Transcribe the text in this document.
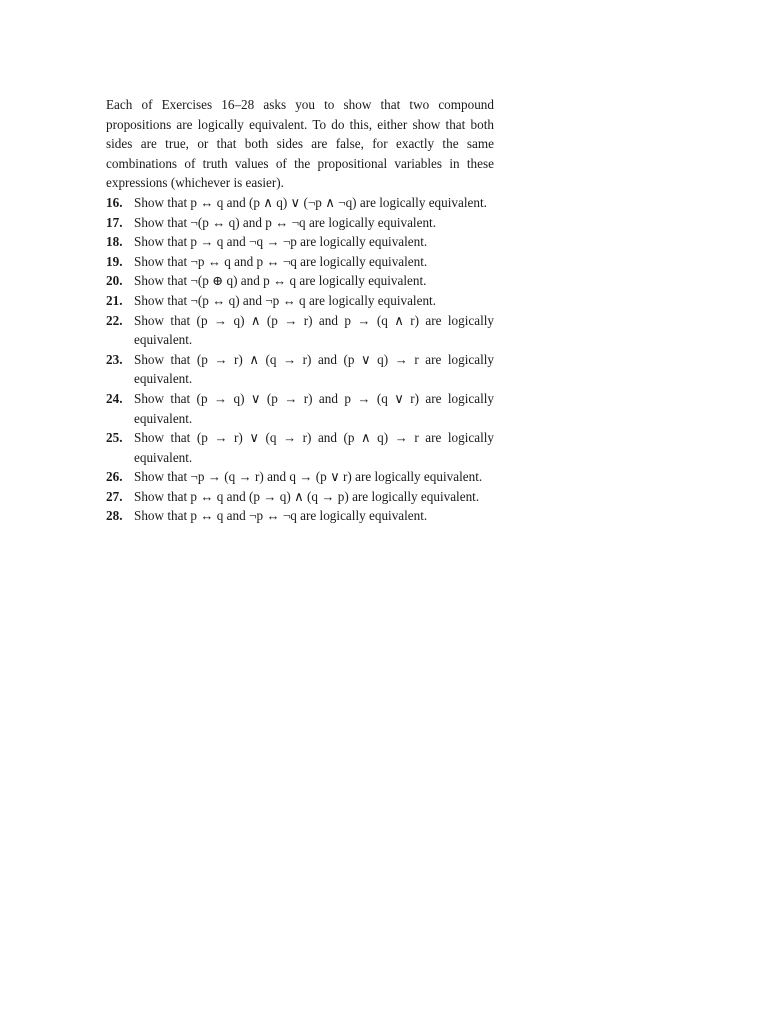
Each of Exercises 16–28 asks you to show that two compound propositions are logically equivalent. To do this, either show that both sides are true, or that both sides are false, for exactly the same combinations of truth values of the propositional variables in these expressions (whichever is easier).

16. Show that p ↔ q and (p ∧ q) ∨ (¬p ∧ ¬q) are logically equivalent.
17. Show that ¬(p ↔ q) and p ↔ ¬q are logically equivalent.
18. Show that p → q and ¬q → ¬p are logically equivalent.
19. Show that ¬p ↔ q and p ↔ ¬q are logically equivalent.
20. Show that ¬(p ⊕ q) and p ↔ q are logically equivalent.
21. Show that ¬(p ↔ q) and ¬p ↔ q are logically equivalent.
22. Show that (p → q) ∧ (p → r) and p → (q ∧ r) are logically equivalent.
23. Show that (p → r) ∧ (q → r) and (p ∨ q) → r are logically equivalent.
24. Show that (p → q) ∨ (p → r) and p → (q ∨ r) are logically equivalent.
25. Show that (p → r) ∨ (q → r) and (p ∧ q) → r are logically equivalent.
26. Show that ¬p → (q → r) and q → (p ∨ r) are logically equivalent.
27. Show that p ↔ q and (p → q) ∧ (q → p) are logically equivalent.
28. Show that p ↔ q and ¬p ↔ ¬q are logically equivalent.
